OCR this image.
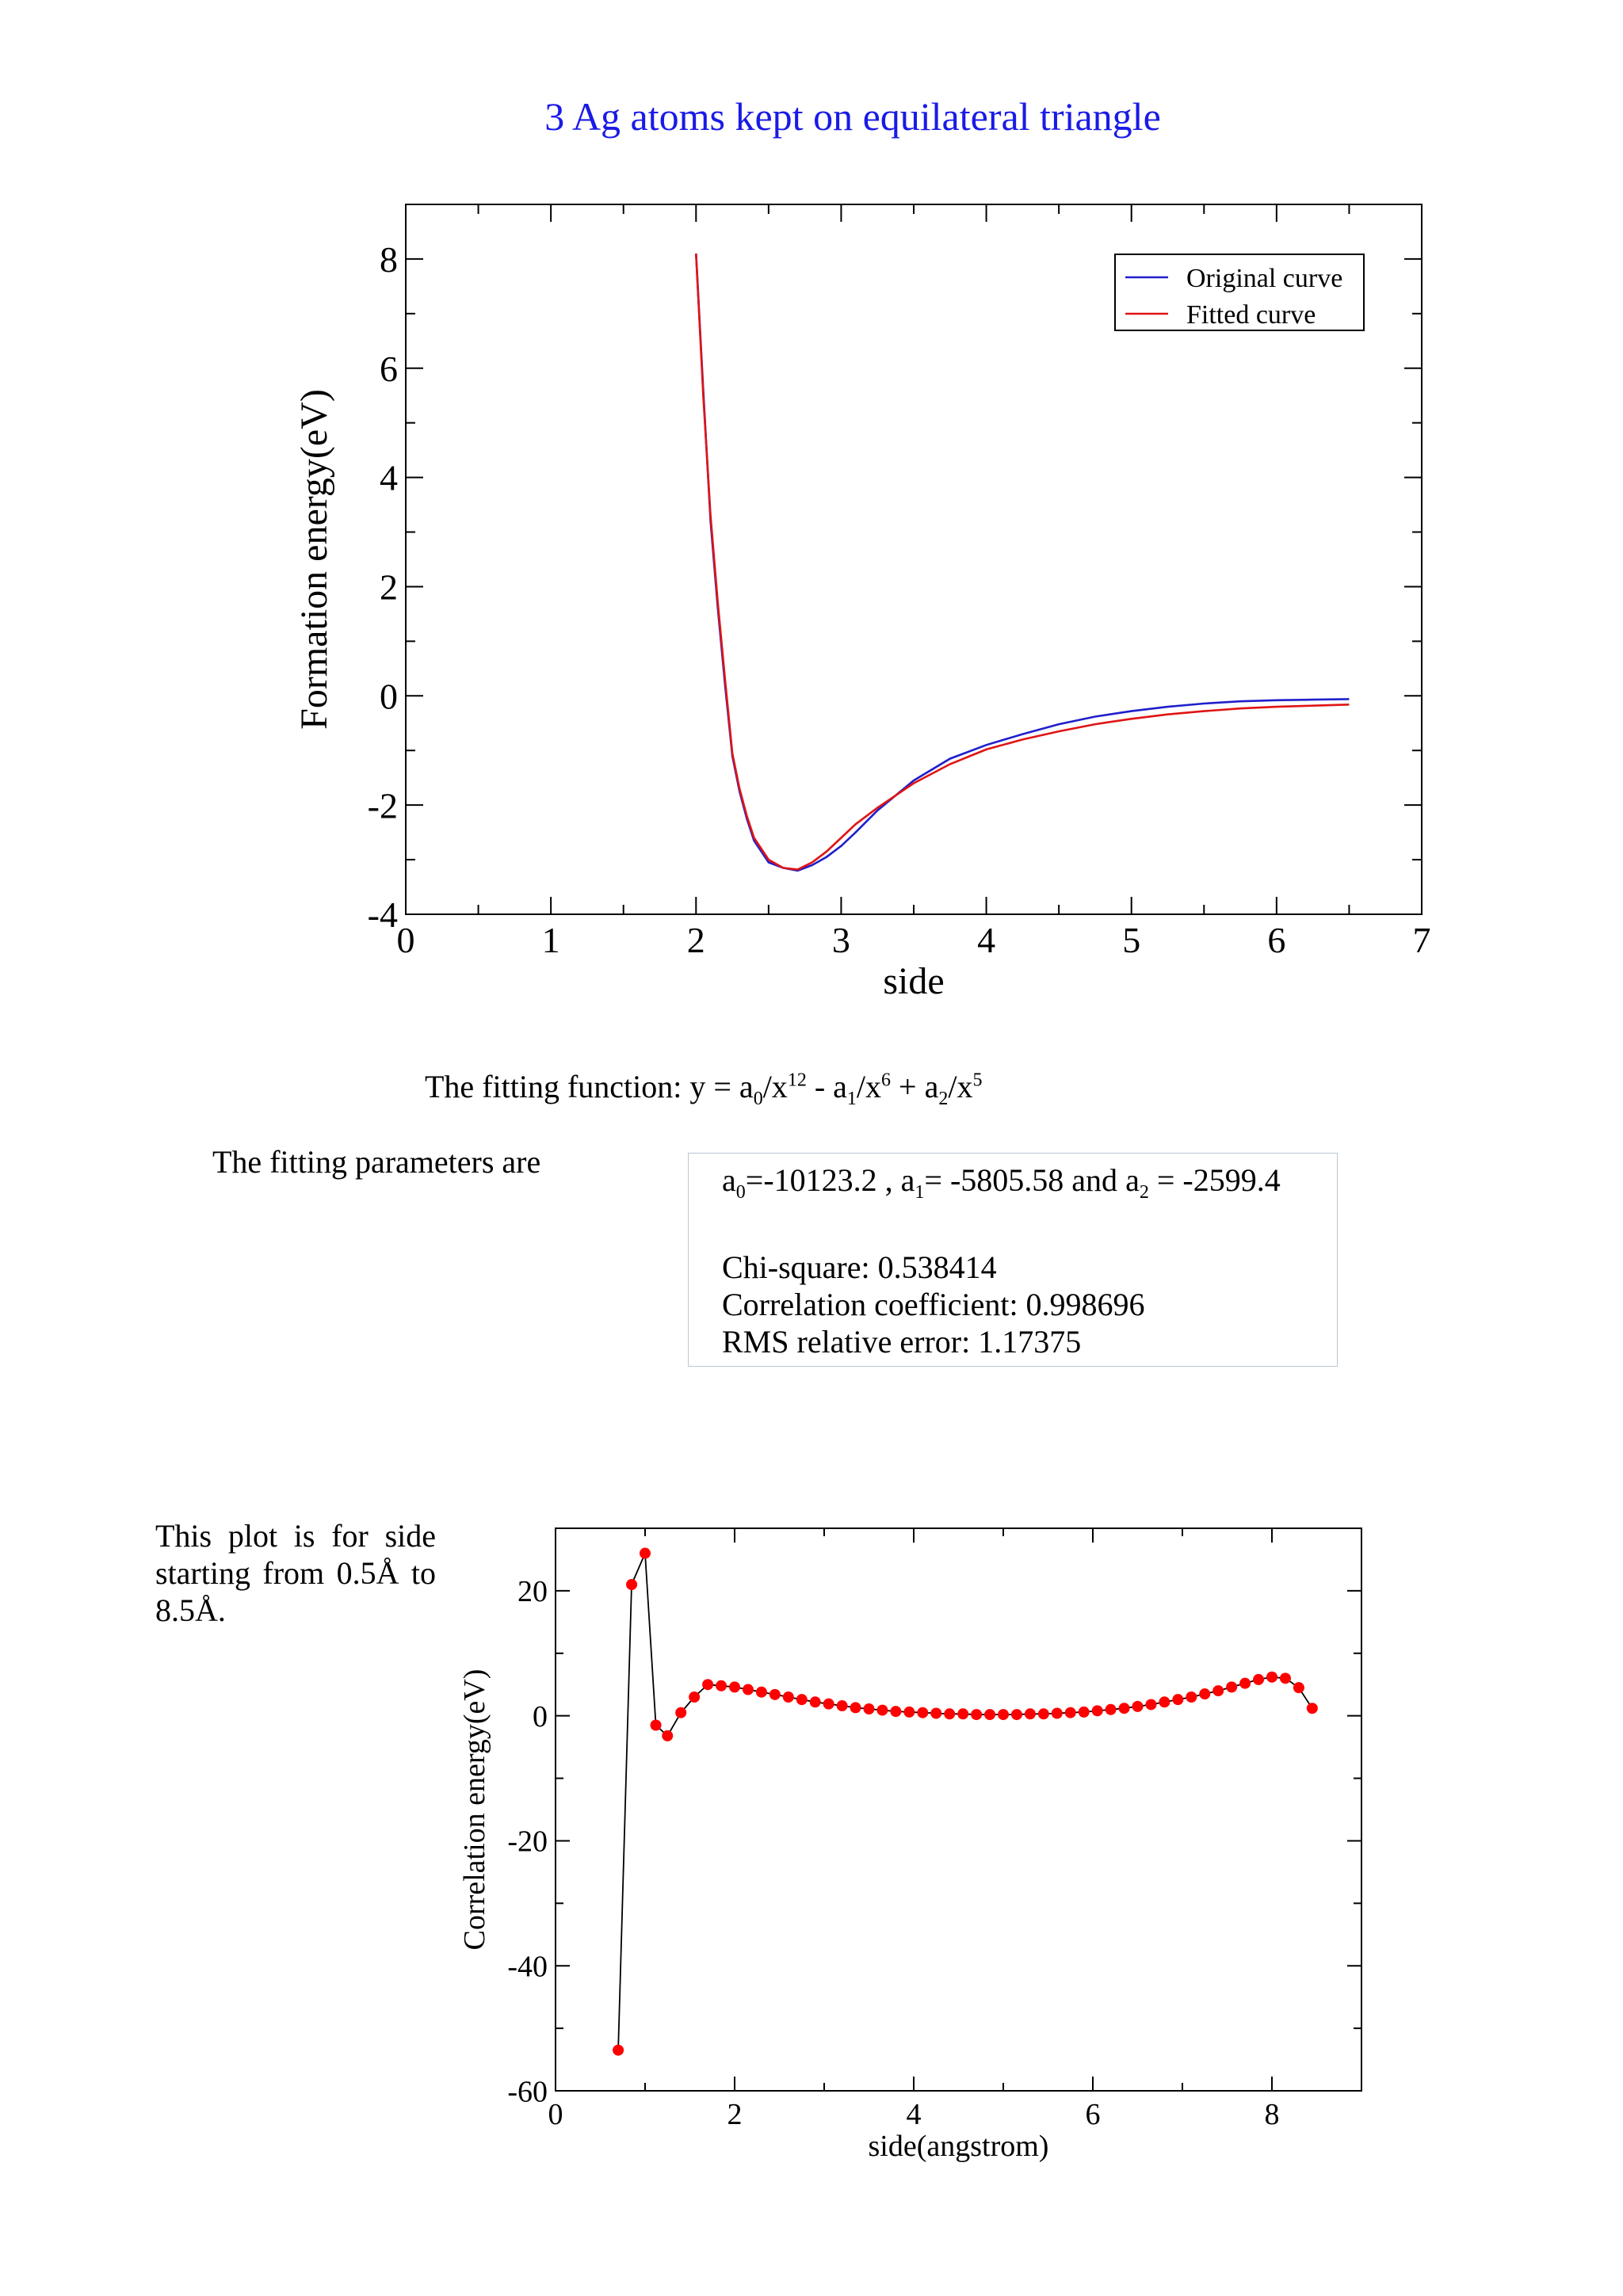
3 Ag atoms kept on equilateral triangle
0	1	2	3	4	5	6	7
-4
-2
0
2
4
6
8
side
Formation energy(eV)
Original curve
Fitted curve
The fitting function: $y = a_0/x^{12} - a_1/x^6 + a_2/x^5$
The fitting parameters are
$a_0=-10123.2$ , $a_1= -5805.58$ and $a_2 = -2599.4$
Chi-square: 0.538414
Correlation coefficient: 0.998696
RMS relative error: 1.17375
This plot is for side starting from 0.5Å to 8.5Å.
0	2	4	6	8
-60
-40
-20
0
20
side(angstrom)
Correlation energy(eV)
